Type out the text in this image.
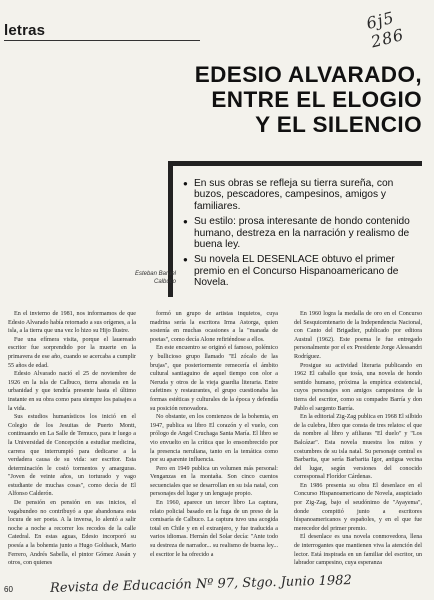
letras	6j5 286
EDESIO ALVARADO,
ENTRE EL ELOGIO
Y EL SILENCIO

● En sus obras se refleja su tierra sureña, con buzos, pescadores, campesinos, amigos y familiares.

● Su estilo: prosa interesante de hondo contenido humano, destreza en la narración y realismo de buena ley.

● Su novela EL DESENLACE obtuvo el primer premio en el Concurso Hispanoamericano de Novela.

Esteban Baruel
Calbuco

En el invierno de 1981, nos informamos de que Edesio Alvarado había retornado a sus orígenes, a la isla, a la tierra que una vez lo hizo su Hijo Ilustre.

Fue una efímera visita, porque el lauereado escritor fue sorprendido por la muerte en la primavera de ese año, cuando se acercaba a cumplir 55 años de edad.

Edesio Alvarado nació el 25 de noviembre de 1926 en la isla de Calbuco, tierra ahorada en la urbanidad y que tendría presente hasta el último instante en su obra como para siempre los paisajes a la vida.

Sus estudios humanísticos los inició en el Colegio de los Jesuitas de Puerto Montt, continuando en La Salle de Temuco, para ir luego a la Universidad de Concepción a estudiar medicina, carrera que interrumpió para dedicarse a la verdadera causa de su vida: ser escritor. Esta determinación le costó tormentos y amarguras. "Joven de veinte años, un torturado y vago estudiante de muchas cosas", como decía de El Alfonso Calderón.

De pensión en pensión en sus inicios, el vagabundeo no contribuyó a que abandonara esta locura de ser poeta. A la inversa, lo alentó a salir noche a noche a recorrer los recodos de la calle Catedral. En estas aguas, Edesio incorporó su poesía a la bohemia junto a Hugo Goldsack, Mario Ferrero, Andrés Sabella, el pintor Gómez Assán y otros, con quienes

formó un grupo de artistas inquietos, cuya madrina sería la escritora Irma Astorga, quien sostenía en muchas ocasiones a la "manada de poetas", como decía Alone refiriéndose a ellos.

En este encuentro se originó el famoso, polémico y bullicioso grupo llamado "El zócalo de las brujas", que posteriormente remecería el ámbito cultural santiaguino de aquel tiempo con olor a Neruda y otros de la vieja guardia literaria. Entre cafetines y restaurantes, el grupo cuestionaba las formas estéticas y culturales de la época y defendía su posición renovadora.

No obstante, en los comienzos de la bohemia, en 1947, publica su libro El corazón y el vuelo, con prólogo de Angel Cruchaga Santa María. El libro se vio envuelto en la crítica que lo ensombrecido por la presencia neruliana, tanto en la temática como por su aparente influencia.

Pero en 1949 publica un volumen más personal: Venganzas en la montaña. Son cinco cuentos secuenciales que se desarrollan en su isla natal, con personajes del lugar y un lenguaje propio.

En 1960, aparece un tercer libro La captura, relato policial basado en la fuga de un preso de la comisaría de Calbuco. La captura tuvo una acogida total en Chile y en el extranjero, y fue traducida a varios idiomas. Hernán del Solar decía: "Ante todo su destreza de narrador... su realismo de buena ley... el escritor le ha ofrecido a

En 1960 logra la medalla de oro en el Concurso del Sesquicentenario de la Independencia Nacional, con Canto del Brigadier, publicado por editora Austral (1962). Este poema le fue entregado personalmente por el ex Presidente Jorge Alessandri Rodríguez.

Prosigue su actividad literaria publicando en 1962 El caballo que tosía, una novela de hondo sentido humano, próxima la empírica existencial, cuyos personajes son amigos campesinos de la tierra del escritor, como su compadre Barría y don Pablo el sargento Barría.

En la editorial Zig-Zag publica en 1968 El silbido de la culebra, libro que consta de tres relatos: el que da nombre al libro y afiliaras "El duelo" y "Los Balcázar". Esta novela muestra los mitos y costumbres de su isla natal. Su personaje central es Barbarita, que sería Barbarita Igor, antigua vecina del lugar, según versiones del conocido corresponsal Florídor Cárdenas.

En 1986 presenta su obra El desenlace en el Concurso Hispanoamericano de Novela, auspiciado por Zig-Zag, bajo el seudónimo de "Ayayema", donde compitió junto a escritores hispanoamericanos y españoles, y en el que fue merecedor del primer premio.

El desenlace es una novela conmovedora, llena de interrogantes que mantienen viva la atención del lector. Está inspirada en un familiar del escritor, un labrador campesino, cuya esperanza

60	Revista de Educación Nº 97, Stgo. Junio 1982
